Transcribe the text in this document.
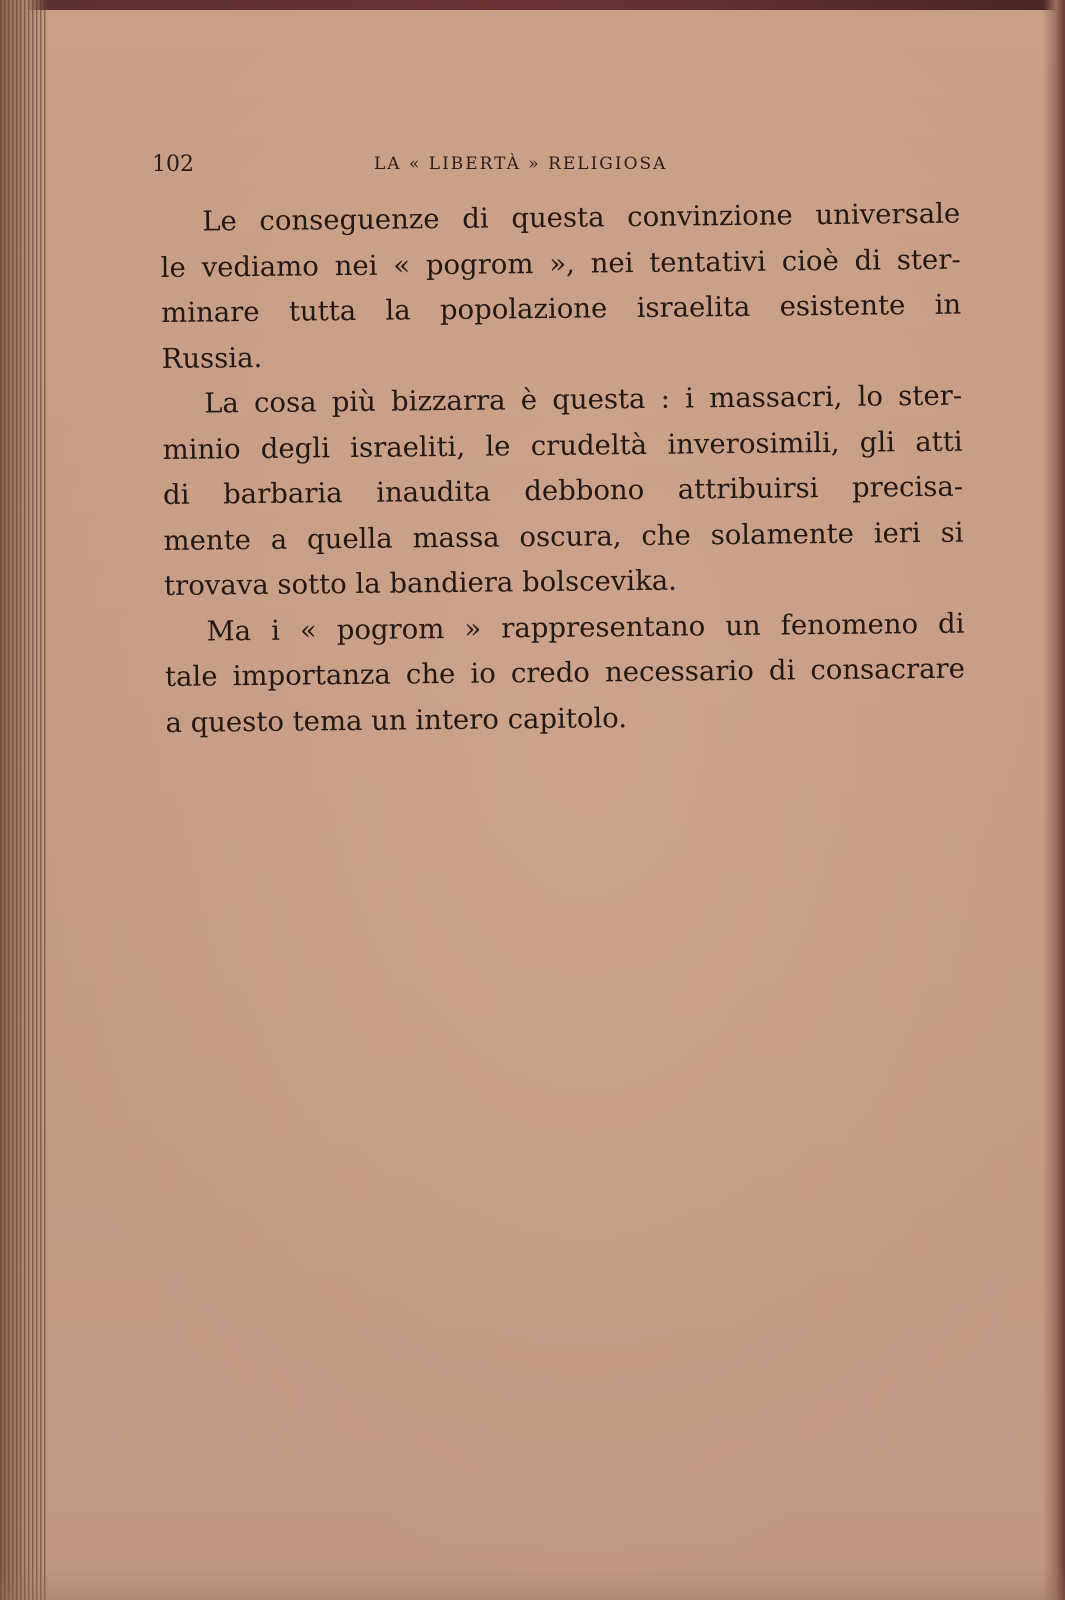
102	LA « LIBERTÀ » RELIGIOSA
Le conseguenze di questa convinzione universale
le vediamo nei « pogrom », nei tentativi cioè di ster-
minare tutta la popolazione israelita esistente in
Russia.
La cosa più bizzarra è questa : i massacri, lo ster-
minio degli israeliti, le crudeltà inverosimili, gli atti
di barbaria inaudita debbono attribuirsi precisa-
mente a quella massa oscura, che solamente ieri si
trovava sotto la bandiera bolscevika.
Ma i « pogrom » rappresentano un fenomeno di
tale importanza che io credo necessario di consacrare
a questo tema un intero capitolo.
